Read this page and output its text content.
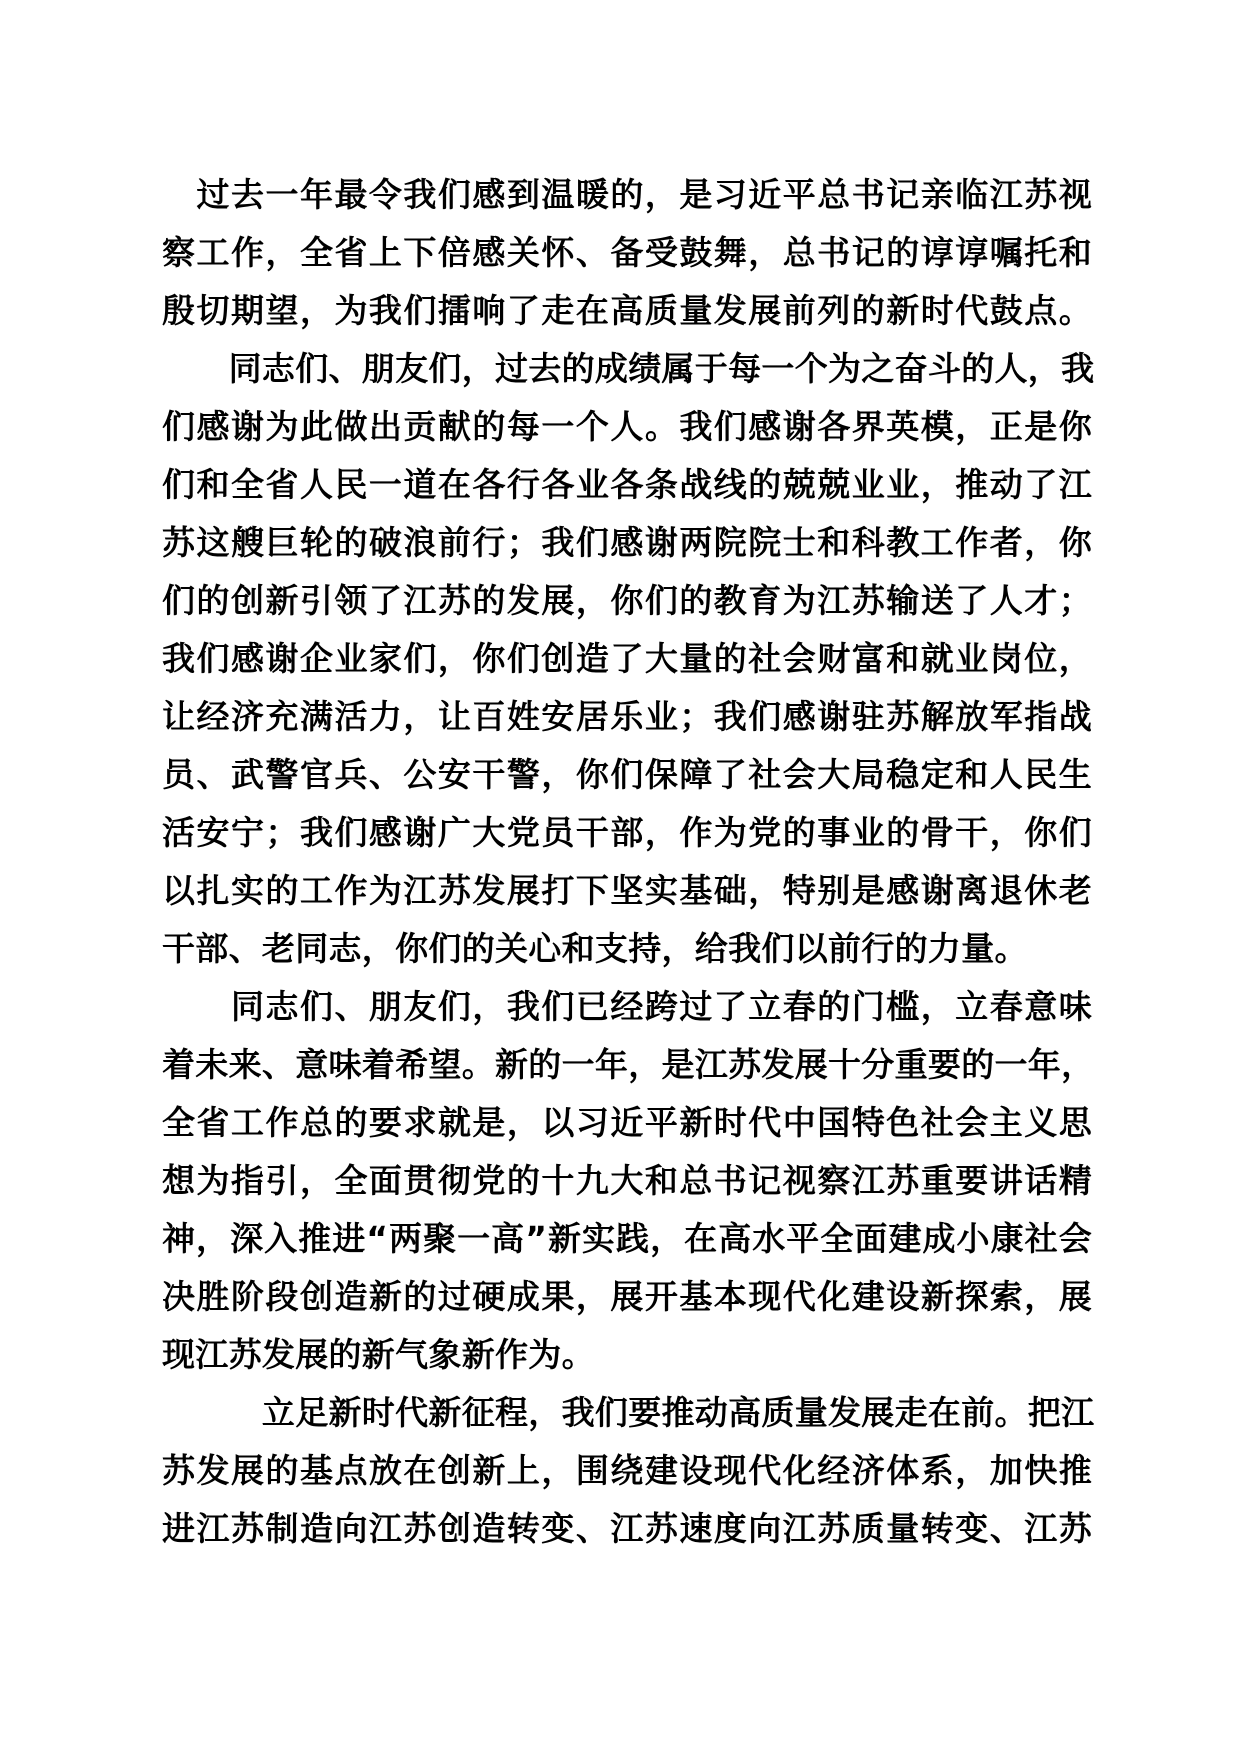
　过去一年最令我们感到温暖的，是习近平总书记亲临江苏视
察工作，全省上下倍感关怀、备受鼓舞，总书记的谆谆嘱托和
殷切期望，为我们擂响了走在高质量发展前列的新时代鼓点。
　　同志们、朋友们，过去的成绩属于每一个为之奋斗的人，我
们感谢为此做出贡献的每一个人。我们感谢各界英模，正是你
们和全省人民一道在各行各业各条战线的兢兢业业，推动了江
苏这艘巨轮的破浪前行；我们感谢两院院士和科教工作者，你
们的创新引领了江苏的发展，你们的教育为江苏输送了人才；
我们感谢企业家们，你们创造了大量的社会财富和就业岗位，
让经济充满活力，让百姓安居乐业；我们感谢驻苏解放军指战
员、武警官兵、公安干警，你们保障了社会大局稳定和人民生
活安宁；我们感谢广大党员干部，作为党的事业的骨干，你们
以扎实的工作为江苏发展打下坚实基础，特别是感谢离退休老
干部、老同志，你们的关心和支持，给我们以前行的力量。
　　同志们、朋友们，我们已经跨过了立春的门槛，立春意味
着未来、意味着希望。新的一年，是江苏发展十分重要的一年，
全省工作总的要求就是，以习近平新时代中国特色社会主义思
想为指引，全面贯彻党的十九大和总书记视察江苏重要讲话精
神，深入推进“两聚一高”新实践，在高水平全面建成小康社会
决胜阶段创造新的过硬成果，展开基本现代化建设新探索，展
现江苏发展的新气象新作为。
　　　立足新时代新征程，我们要推动高质量发展走在前。把江
苏发展的基点放在创新上，围绕建设现代化经济体系，加快推
进江苏制造向江苏创造转变、江苏速度向江苏质量转变、江苏
